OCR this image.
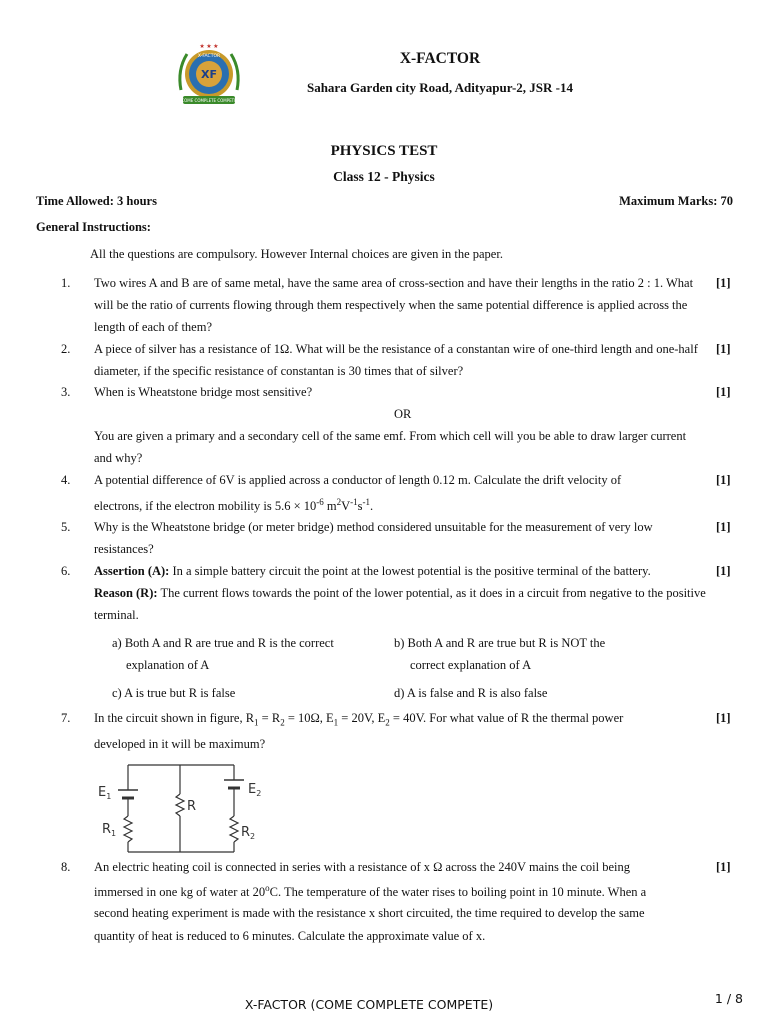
XF
X-FACTOR
COME COMPLETE COMPETE
★ ★ ★
X-FACTOR
Sahara Garden city Road, Adityapur-2, JSR -14
PHYSICS TEST
Class 12 - Physics
Time Allowed: 3 hours	Maximum Marks: 70
General Instructions:
All the questions are compulsory. However Internal choices are given in the paper.
1. Two wires A and B are of same metal, have the same area of cross-section and have their lengths in the ratio 2 : 1. What will be the ratio of currents flowing through them respectively when the same potential difference is applied across the length of each of them?
[1]
2. A piece of silver has a resistance of 1Ω. What will be the resistance of a constantan wire of one-third length and one-half diameter, if the specific resistance of constantan is 30 times that of silver?
[1]
3. When is Wheatstone bridge most sensitive?	[1]
OR
You are given a primary and a secondary cell of the same emf. From which cell will you be able to draw larger current and why?
4. A potential difference of 6V is applied across a conductor of length 0.12 m. Calculate the drift velocity of
electrons, if the electron mobility is $5.6 \times 10^{-6}$ $m^2V^{-1}s^{-1}$.
[1]
5. Why is the Wheatstone bridge (or meter bridge) method considered unsuitable for the measurement of very low resistances?
[1]
6. Assertion (A): In a simple battery circuit the point at the lowest potential is the positive terminal of the battery.
Reason (R): The current flows towards the point of the lower potential, as it does in a circuit from negative to the positive terminal.
[1]
a) Both A and R are true and R is the correct
explanation of A
b) Both A and R are true but R is NOT the
correct explanation of A
c) A is true but R is false	d) A is false and R is also false
7. In the circuit shown in figure, $R_1 = R_2 = 10\Omega$, $E_1 = 20V$, $E_2 = 40V$. For what value of R the thermal power
developed in it will be maximum?
[1]
$E_1$
$R_1$
R
$E_2$
$R_2$
8. An electric heating coil is connected in series with a resistance of x Ω across the 240V mains the coil being
immersed in one kg of water at 20$^o$C. The temperature of the water rises to boiling point in 10 minute. When a
second heating experiment is made with the resistance x short circuited, the time required to develop the same
quantity of heat is reduced to 6 minutes. Calculate the approximate value of x.
[1]
X-FACTOR (COME COMPLETE COMPETE)	1 / 8
